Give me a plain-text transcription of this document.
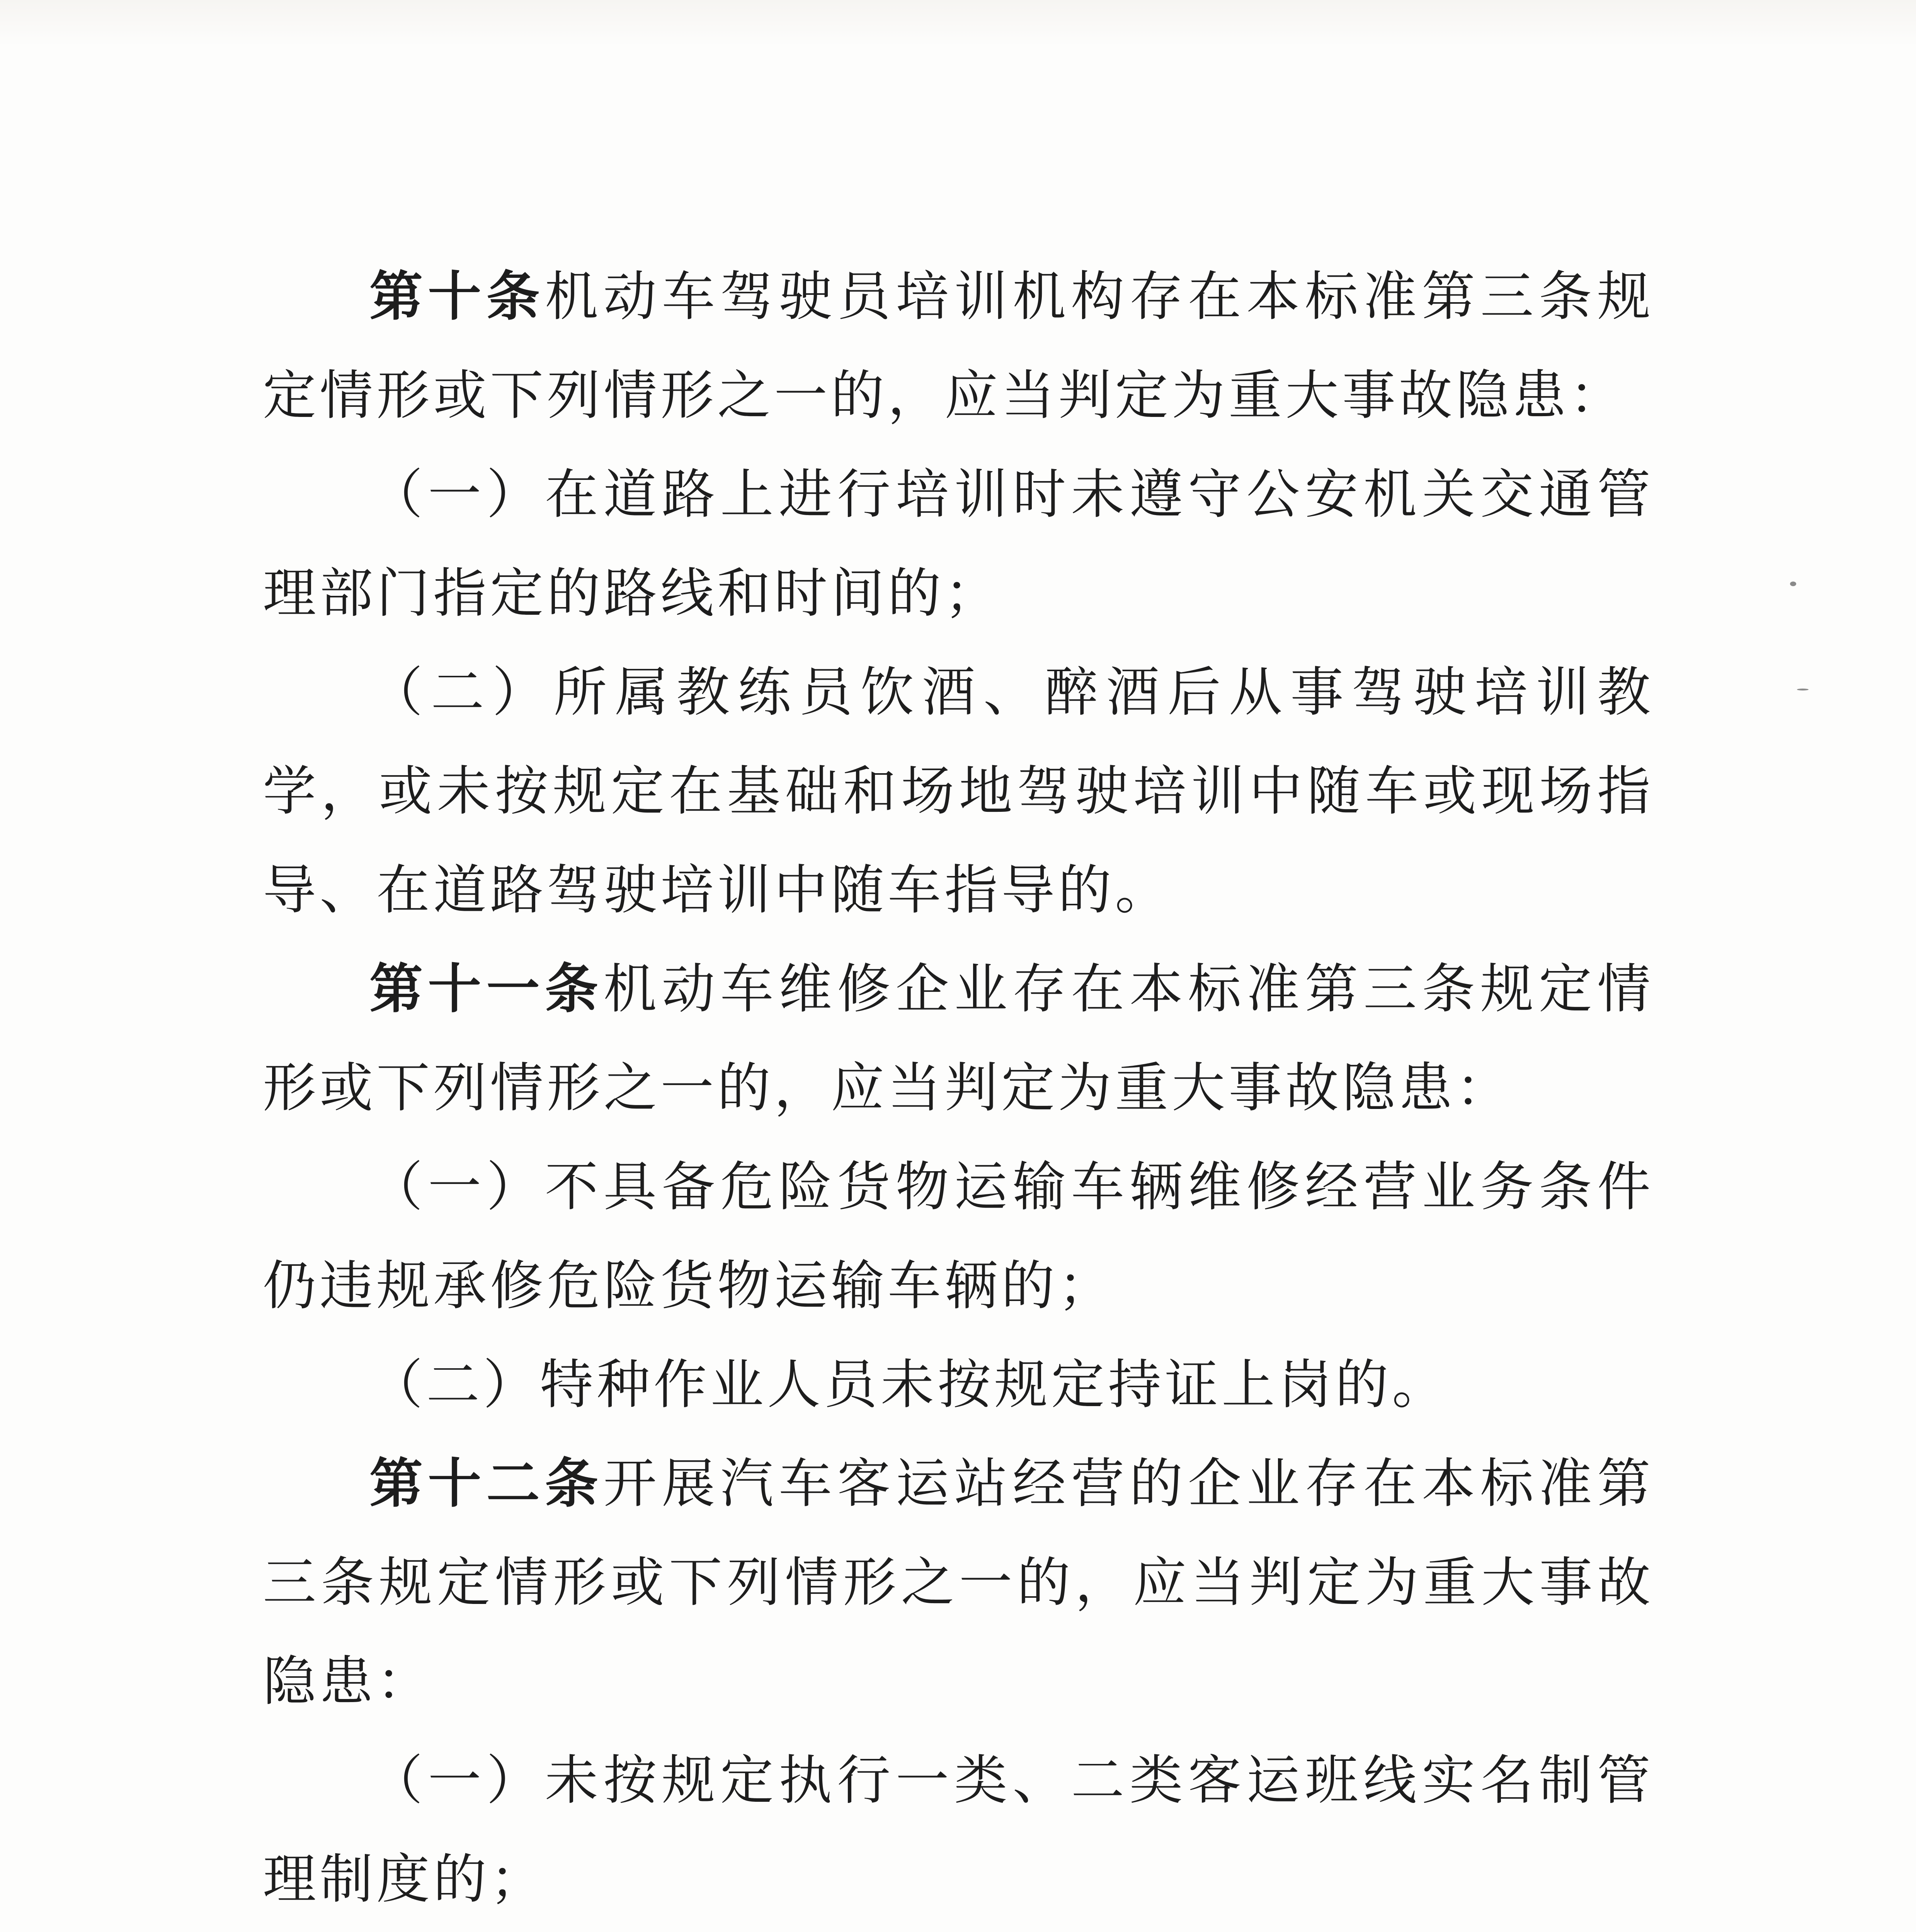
第十条机动车驾驶员培训机构存在本标准第三条规定情形或下列情形之一的，应当判定为重大事故隐患：

（一）在道路上进行培训时未遵守公安机关交通管理部门指定的路线和时间的；

（二）所属教练员饮酒、醉酒后从事驾驶培训教学，或未按规定在基础和场地驾驶培训中随车或现场指导、在道路驾驶培训中随车指导的。

第十一条机动车维修企业存在本标准第三条规定情形或下列情形之一的，应当判定为重大事故隐患：

（一）不具备危险货物运输车辆维修经营业务条件仍违规承修危险货物运输车辆的；

（二）特种作业人员未按规定持证上岗的。

第十二条开展汽车客运站经营的企业存在本标准第三条规定情形或下列情形之一的，应当判定为重大事故隐患：

（一）未按规定执行一类、二类客运班线实名制管理制度的；
